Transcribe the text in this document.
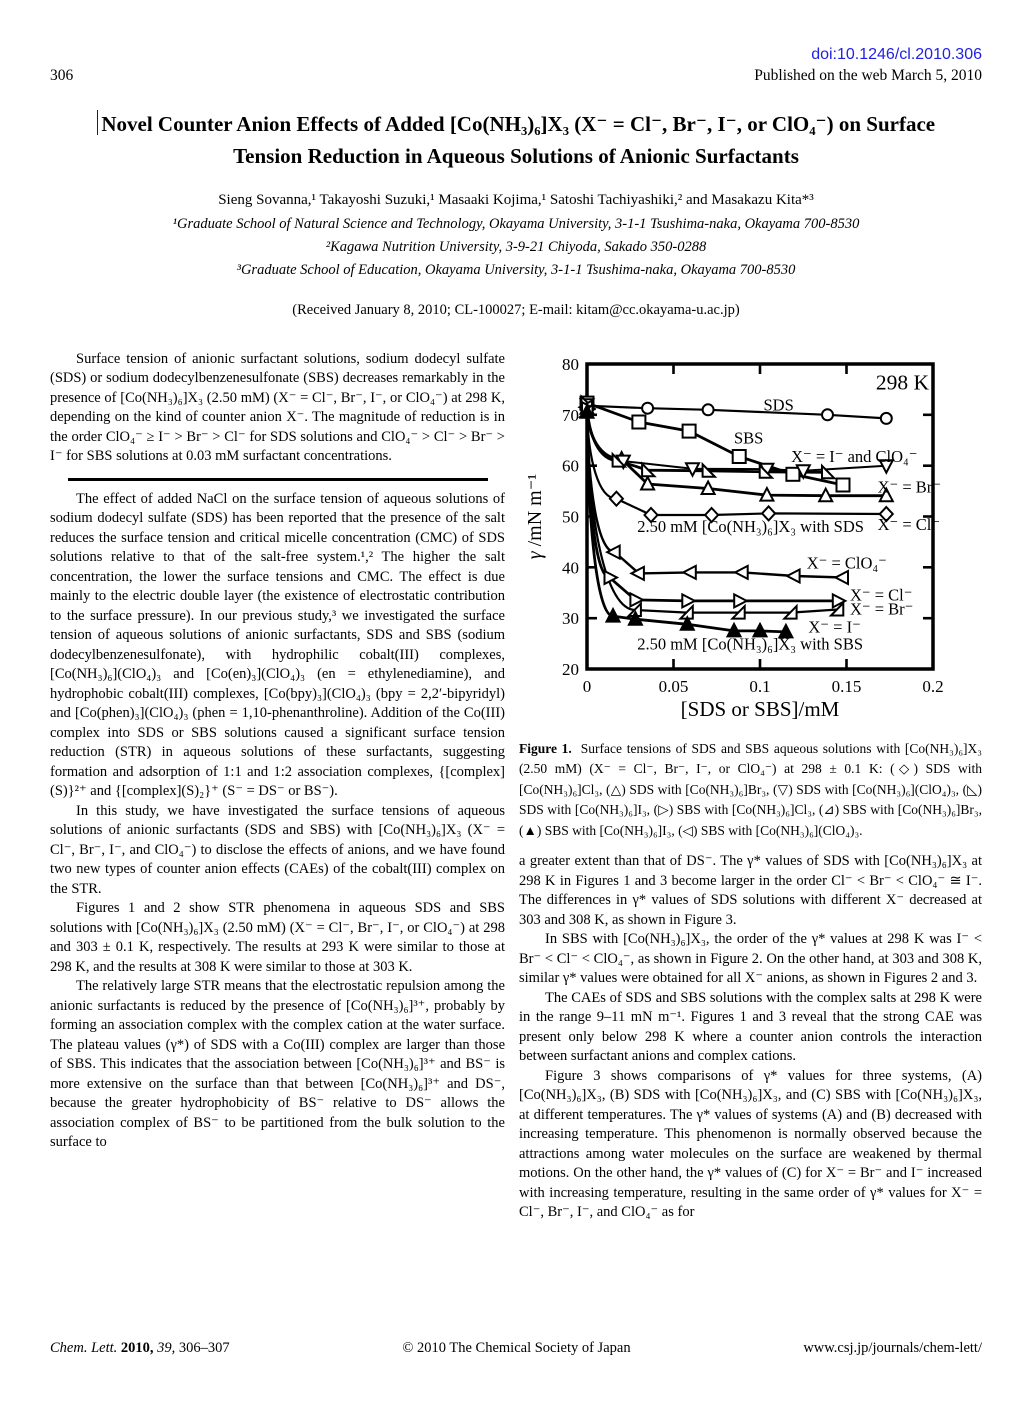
doi:10.1246/cl.2010.306
306	Published on the web March 5, 2010
Novel Counter Anion Effects of Added [Co(NH₃)₆]X₃ (X⁻ = Cl⁻, Br⁻, I⁻, or ClO₄⁻) on Surface Tension Reduction in Aqueous Solutions of Anionic Surfactants
Sieng Sovanna,¹ Takayoshi Suzuki,¹ Masaaki Kojima,¹ Satoshi Tachiyashiki,² and Masakazu Kita*³
¹Graduate School of Natural Science and Technology, Okayama University, 3-1-1 Tsushima-naka, Okayama 700-8530
²Kagawa Nutrition University, 3-9-21 Chiyoda, Sakado 350-0288
³Graduate School of Education, Okayama University, 3-1-1 Tsushima-naka, Okayama 700-8530
(Received January 8, 2010; CL-100027; E-mail: kitam@cc.okayama-u.ac.jp)

Surface tension of anionic surfactant solutions, sodium dodecyl sulfate (SDS) or sodium dodecylbenzenesulfonate (SBS) decreases remarkably in the presence of [Co(NH₃)₆]X₃ (2.50 mM) (X⁻ = Cl⁻, Br⁻, I⁻, or ClO₄⁻) at 298 K, depending on the kind of counter anion X⁻. The magnitude of reduction is in the order ClO₄⁻ ≥ I⁻ > Br⁻ > Cl⁻ for SDS solutions and ClO₄⁻ > Cl⁻ > Br⁻ > I⁻ for SBS solutions at 0.03 mM surfactant concentrations.

The effect of added NaCl on the surface tension of aqueous solutions of sodium dodecyl sulfate (SDS) has been reported that the presence of the salt reduces the surface tension and critical micelle concentration (CMC) of SDS solutions relative to that of the salt-free system.¹,² The higher the salt concentration, the lower the surface tensions and CMC. The effect is due mainly to the electric double layer (the existence of electrostatic contribution to the surface pressure). In our previous study,³ we investigated the surface tension of aqueous solutions of anionic surfactants, SDS and SBS (sodium dodecylbenzenesulfonate), with hydrophilic cobalt(III) complexes, [Co(NH₃)₆](ClO₄)₃ and [Co(en)₃](ClO₄)₃ (en = ethylenediamine), and hydrophobic cobalt(III) complexes, [Co(bpy)₃](ClO₄)₃ (bpy = 2,2′-bipyridyl) and [Co(phen)₃](ClO₄)₃ (phen = 1,10-phenanthroline). Addition of the Co(III) complex into SDS or SBS solutions caused a significant surface tension reduction (STR) in aqueous solutions of these surfactants, suggesting formation and adsorption of 1:1 and 1:2 association complexes, {[complex](S)}²⁺ and {[complex](S)₂}⁺ (S⁻ = DS⁻ or BS⁻).

In this study, we have investigated the surface tensions of aqueous solutions of anionic surfactants (SDS and SBS) with [Co(NH₃)₆]X₃ (X⁻ = Cl⁻, Br⁻, I⁻, and ClO₄⁻) to disclose the effects of anions, and we have found two new types of counter anion effects (CAEs) of the cobalt(III) complex on the STR.

Figures 1 and 2 show STR phenomena in aqueous SDS and SBS solutions with [Co(NH₃)₆]X₃ (2.50 mM) (X⁻ = Cl⁻, Br⁻, I⁻, or ClO₄⁻) at 298 and 303 ± 0.1 K, respectively. The results at 293 K were similar to those at 298 K, and the results at 308 K were similar to those at 303 K.

The relatively large STR means that the electrostatic repulsion among the anionic surfactants is reduced by the presence of [Co(NH₃)₆]³⁺, probably by forming an association complex with the complex cation at the water surface. The plateau values (γ*) of SDS with a Co(III) complex are larger than those of SBS. This indicates that the association between [Co(NH₃)₆]³⁺ and BS⁻ is more extensive on the surface than that between [Co(NH₃)₆]³⁺ and DS⁻, because the greater hydrophobicity of BS⁻ relative to DS⁻ allows the association complex of BS⁻ to be partitioned from the bulk solution to the surface to

0	0.05	0.1	0.15	0.2
20
30
40
50
60
70
80
298 K
SDS
SBS
X⁻ = I⁻ and ClO₄⁻
X⁻ = Br⁻
X⁻ = Cl⁻
2.50 mM [Co(NH₃)₆]X₃ with SDS
X⁻ = ClO₄⁻
X⁻ = Cl⁻
X⁻ = Br⁻
X⁻ = I⁻
2.50 mM [Co(NH₃)₆]X₃ with SBS
[SDS or SBS]/mM
γ /mN m⁻¹
Figure 1. Surface tensions of SDS and SBS aqueous solutions with [Co(NH₃)₆]X₃ (2.50 mM) (X⁻ = Cl⁻, Br⁻, I⁻, or ClO₄⁻) at 298 ± 0.1 K: (◇) SDS with [Co(NH₃)₆]Cl₃, (△) SDS with [Co(NH₃)₆]Br₃, (▽) SDS with [Co(NH₃)₆](ClO₄)₃, (◺) SDS with [Co(NH₃)₆]I₃, (▷) SBS with [Co(NH₃)₆]Cl₃, (⊿) SBS with [Co(NH₃)₆]Br₃, (▲) SBS with [Co(NH₃)₆]I₃, (◁) SBS with [Co(NH₃)₆](ClO₄)₃.

a greater extent than that of DS⁻. The γ* values of SDS with [Co(NH₃)₆]X₃ at 298 K in Figures 1 and 3 become larger in the order Cl⁻ < Br⁻ < ClO₄⁻ ≅ I⁻. The differences in γ* values of SDS solutions with different X⁻ decreased at 303 and 308 K, as shown in Figure 3.

In SBS with [Co(NH₃)₆]X₃, the order of the γ* values at 298 K was I⁻ < Br⁻ < Cl⁻ < ClO₄⁻, as shown in Figure 2. On the other hand, at 303 and 308 K, similar γ* values were obtained for all X⁻ anions, as shown in Figures 2 and 3.

The CAEs of SDS and SBS solutions with the complex salts at 298 K were in the range 9–11 mN m⁻¹. Figures 1 and 3 reveal that the strong CAE was present only below 298 K where a counter anion controls the interaction between surfactant anions and complex cations.

Figure 3 shows comparisons of γ* values for three systems, (A) [Co(NH₃)₆]X₃, (B) SDS with [Co(NH₃)₆]X₃, and (C) SBS with [Co(NH₃)₆]X₃, at different temperatures. The γ* values of systems (A) and (B) decreased with increasing temperature. This phenomenon is normally observed because the attractions among water molecules on the surface are weakened by thermal motions. On the other hand, the γ* values of (C) for X⁻ = Br⁻ and I⁻ increased with increasing temperature, resulting in the same order of γ* values for X⁻ = Cl⁻, Br⁻, I⁻, and ClO₄⁻ as for

Chem. Lett. 2010, 39, 306–307	© 2010 The Chemical Society of Japan	www.csj.jp/journals/chem-lett/
